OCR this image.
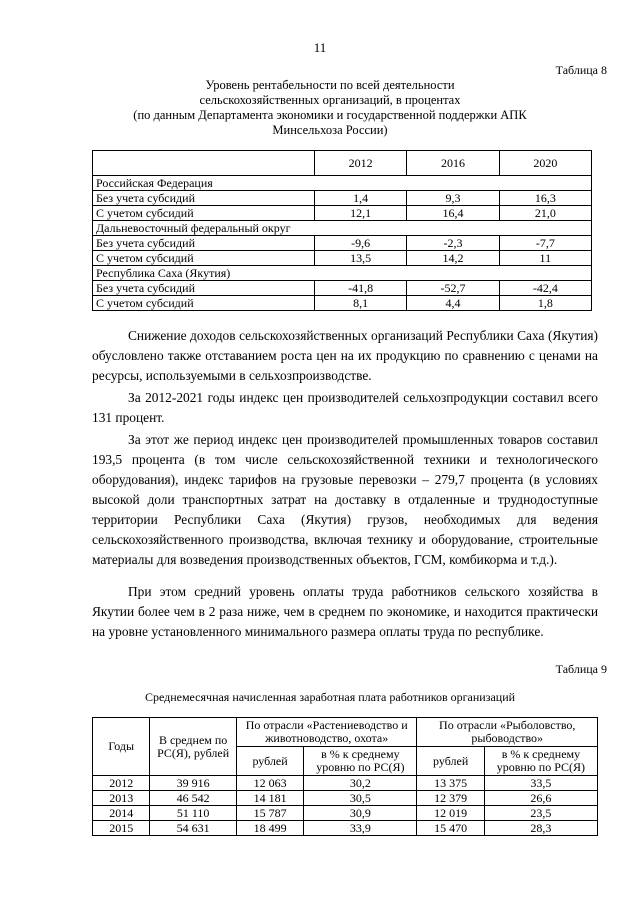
11
Таблица 8
Уровень рентабельности по всей деятельности
сельскохозяйственных организаций, в процентах
(по данным Департамента экономики и государственной поддержки АПК
Минсельхоза России)
	2012	2016	2020
Российская Федерация			
Без учета субсидий	1,4	9,3	16,3
С учетом субсидий	12,1	16,4	21,0
Дальневосточный федеральный округ			
Без учета субсидий	-9,6	-2,3	-7,7
С учетом субсидий	13,5	14,2	11
Республика Саха (Якутия)			
Без учета субсидий	-41,8	-52,7	-42,4
С учетом субсидий	8,1	4,4	1,8

Снижение доходов сельскохозяйственных организаций Республики Саха (Якутия) обусловлено также отставанием роста цен на их продукцию по сравнению с ценами на ресурсы, используемыми в сельхозпроизводстве.

За 2012-2021 годы индекс цен производителей сельхозпродукции составил всего 131 процент.

За этот же период индекс цен производителей промышленных товаров составил 193,5 процента (в том числе сельскохозяйственной техники и технологического оборудования), индекс тарифов на грузовые перевозки – 279,7 процента (в условиях высокой доли транспортных затрат на доставку в отдаленные и труднодоступные территории Республики Саха (Якутия) грузов, необходимых для ведения сельскохозяйственного производства, включая технику и оборудование, строительные материалы для возведения производственных объектов, ГСМ, комбикорма и т.д.).

При этом средний уровень оплаты труда работников сельского хозяйства в Якутии более чем в 2 раза ниже, чем в среднем по экономике, и находится практически на уровне установленного минимального размера оплаты труда по республике.

Таблица 9
Среднемесячная начисленная заработная плата работников организаций
Годы	В среднем по РС(Я), рублей	По отрасли «Растениеводство и животноводство, охота»		По отрасли «Рыболовство, рыбоводство»	
		рублей	в % к среднему уровню по РС(Я)	рублей	в % к среднему уровню по РС(Я)
2012	39 916	12 063	30,2	13 375	33,5
2013	46 542	14 181	30,5	12 379	26,6
2014	51 110	15 787	30,9	12 019	23,5
2015	54 631	18 499	33,9	15 470	28,3
